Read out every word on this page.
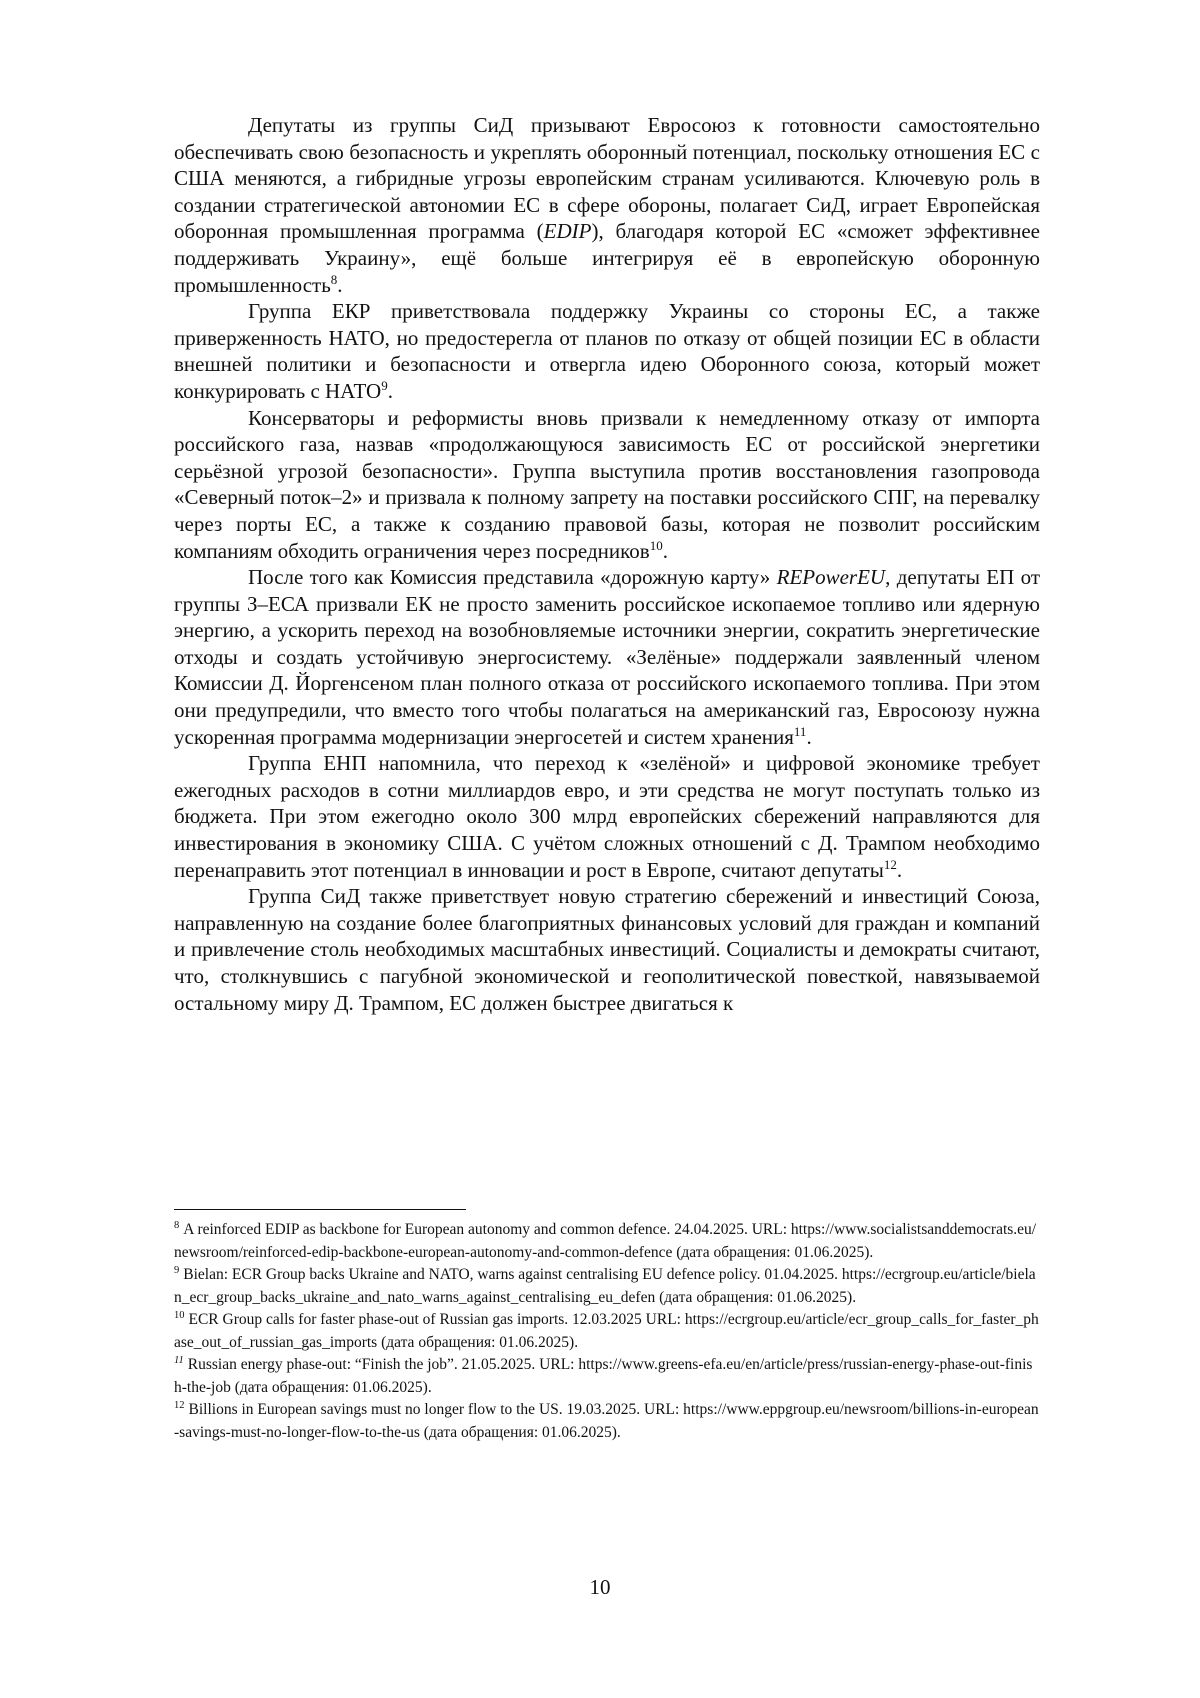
Депутаты из группы СиД призывают Евросоюз к готовности самостоятельно обеспечивать свою безопасность и укреплять оборонный потенциал, поскольку отношения ЕС с США меняются, а гибридные угрозы европейским странам усиливаются. Ключевую роль в создании стратегической автономии ЕС в сфере обороны, полагает СиД, играет Европейская оборонная промышленная программа (EDIP), благодаря которой ЕС «сможет эффективнее поддерживать Украину», ещё больше интегрируя её в европейскую оборонную промышленность$^8$.

Группа ЕКР приветствовала поддержку Украины со стороны ЕС, а также приверженность НАТО, но предостерегла от планов по отказу от общей позиции ЕС в области внешней политики и безопасности и отвергла идею Оборонного союза, который может конкурировать с НАТО$^9$.

Консерваторы и реформисты вновь призвали к немедленному отказу от импорта российского газа, назвав «продолжающуюся зависимость ЕС от российской энергетики серьёзной угрозой безопасности». Группа выступила против восстановления газопровода «Северный поток–2» и призвала к полному запрету на поставки российского СПГ, на перевалку через порты ЕС, а также к созданию правовой базы, которая не позволит российским компаниям обходить ограничения через посредников$^{10}$.

После того как Комиссия представила «дорожную карту» REPowerEU, депутаты ЕП от группы З–ЕСА призвали ЕК не просто заменить российское ископаемое топливо или ядерную энергию, а ускорить переход на возобновляемые источники энергии, сократить энергетические отходы и создать устойчивую энергосистему. «Зелёные» поддержали заявленный членом Комиссии Д. Йоргенсеном план полного отказа от российского ископаемого топлива. При этом они предупредили, что вместо того чтобы полагаться на американский газ, Евросоюзу нужна ускоренная программа модернизации энергосетей и систем хранения$^{11}$.

Группа ЕНП напомнила, что переход к «зелёной» и цифровой экономике требует ежегодных расходов в сотни миллиардов евро, и эти средства не могут поступать только из бюджета. При этом ежегодно около 300 млрд европейских сбережений направляются для инвестирования в экономику США. С учётом сложных отношений с Д. Трампом необходимо перенаправить этот потенциал в инновации и рост в Европе, считают депутаты$^{12}$.

Группа СиД также приветствует новую стратегию сбережений и инвестиций Союза, направленную на создание более благоприятных финансовых условий для граждан и компаний и привлечение столь необходимых масштабных инвестиций. Социалисты и демократы считают, что, столкнувшись с пагубной экономической и геополитической повесткой, навязываемой остальному миру Д. Трампом, ЕС должен быстрее двигаться к

$^8$ A reinforced EDIP as backbone for European autonomy and common defence. 24.04.2025. URL: https://www.socialistsanddemocrats.eu/newsroom/reinforced-edip-backbone-european-autonomy-and-common-defence (дата обращения: 01.06.2025).

$^9$ Bielan: ECR Group backs Ukraine and NATO, warns against centralising EU defence policy. 01.04.2025. https://ecrgroup.eu/article/bielan_ecr_group_backs_ukraine_and_nato_warns_against_centralising_eu_defen (дата обращения: 01.06.2025).

$^{10}$ ECR Group calls for faster phase-out of Russian gas imports. 12.03.2025 URL: https://ecrgroup.eu/article/ecr_group_calls_for_faster_phase_out_of_russian_gas_imports (дата обращения: 01.06.2025).

$^{11}$ Russian energy phase-out: “Finish the job”. 21.05.2025. URL: https://www.greens-efa.eu/en/article/press/russian-energy-phase-out-finish-the-job (дата обращения: 01.06.2025).

$^{12}$ Billions in European savings must no longer flow to the US. 19.03.2025. URL: https://www.eppgroup.eu/newsroom/billions-in-european-savings-must-no-longer-flow-to-the-us (дата обращения: 01.06.2025).

10
